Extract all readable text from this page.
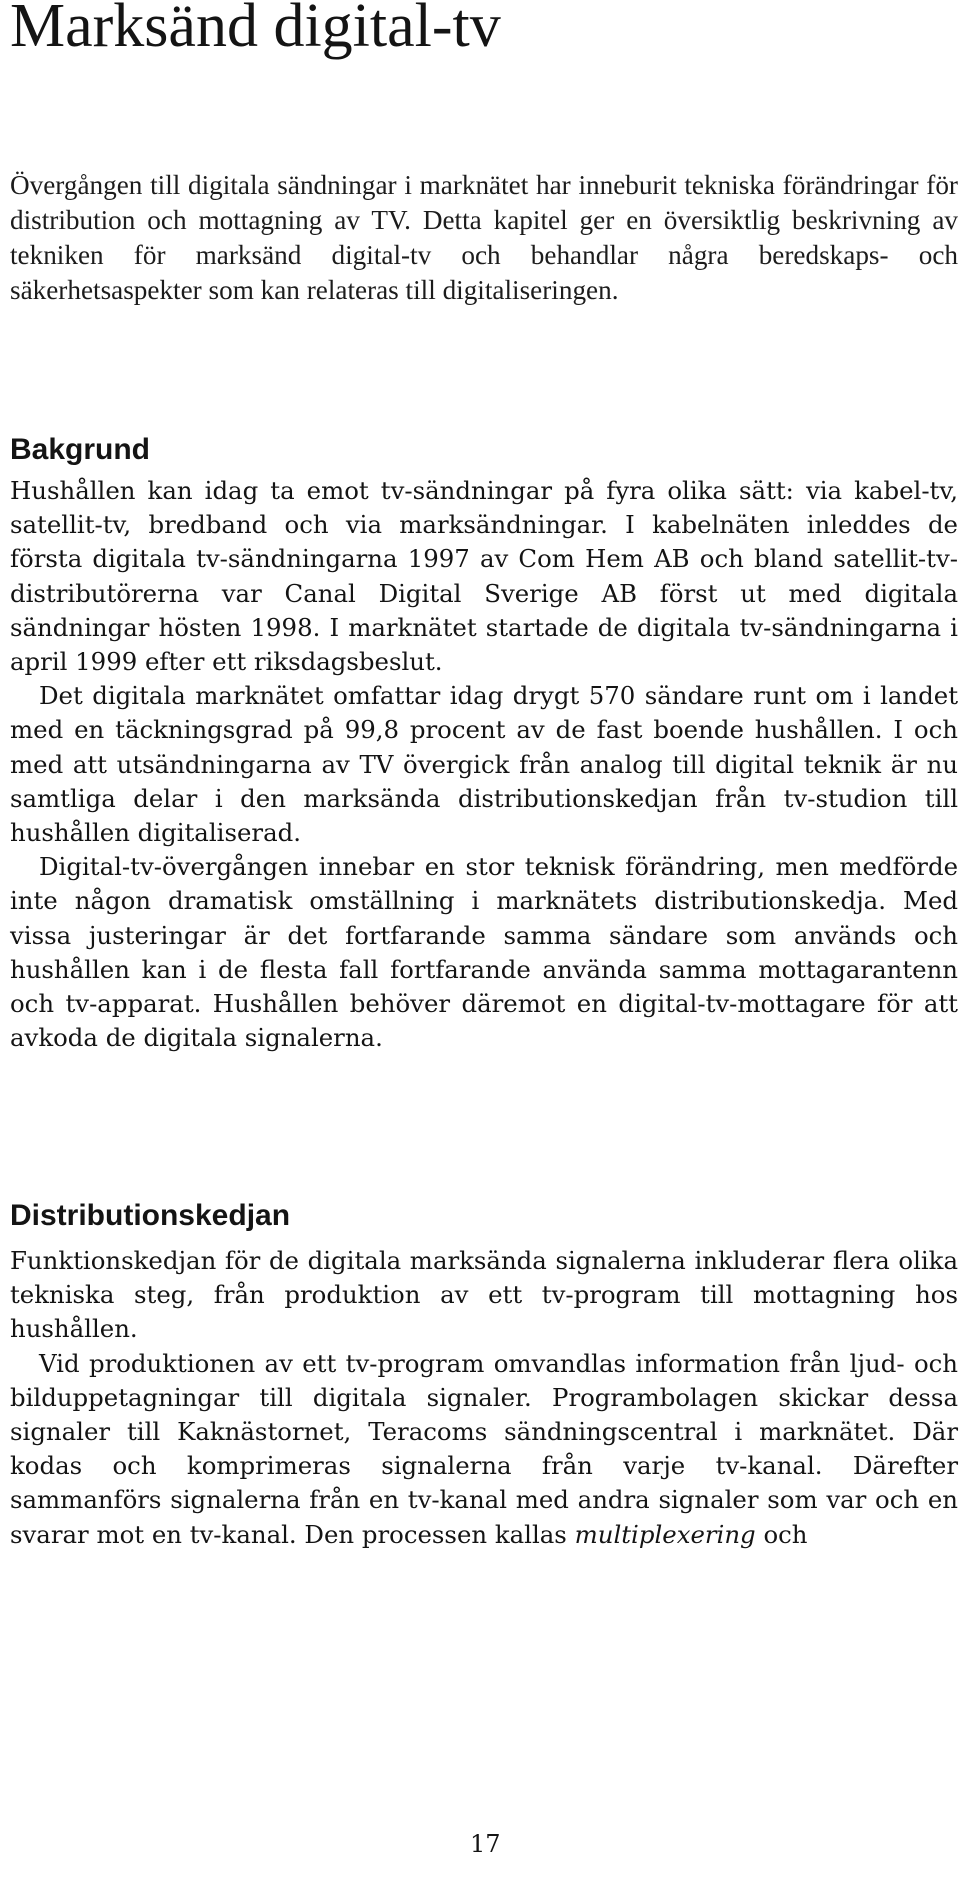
Marksänd digital-tv

Övergången till digitala sändningar i marknätet har inneburit tekniska förändringar för distribution och mottagning av TV. Detta kapitel ger en översiktlig beskrivning av tekniken för marksänd digital-tv och behandlar några beredskaps- och säkerhetsaspekter som kan relateras till digitaliseringen.

Bakgrund

Hushållen kan idag ta emot tv-sändningar på fyra olika sätt: via kabel-tv, satellit-tv, bredband och via marksändningar. I kabelnäten inleddes de första digitala tv-sändningarna 1997 av Com Hem AB och bland satellit-tv-distributörerna var Canal Digital Sverige AB först ut med digitala sändningar hösten 1998. I marknätet startade de digitala tv-sändningarna i april 1999 efter ett riksdagsbeslut.

Det digitala marknätet omfattar idag drygt 570 sändare runt om i landet med en täckningsgrad på 99,8 procent av de fast boende hushållen. I och med att utsändningarna av TV övergick från analog till digital teknik är nu samtliga delar i den marksända distributionskedjan från tv-studion till hushållen digitaliserad.

Digital-tv-övergången innebar en stor teknisk förändring, men medförde inte någon dramatisk omställning i marknätets distributionskedja. Med vissa justeringar är det fortfarande samma sändare som används och hushållen kan i de flesta fall fortfarande använda samma mottagarantenn och tv-apparat. Hushållen behöver däremot en digital-tv-mottagare för att avkoda de digitala signalerna.

Distributionskedjan

Funktionskedjan för de digitala marksända signalerna inkluderar flera olika tekniska steg, från produktion av ett tv-program till mottagning hos hushållen.

Vid produktionen av ett tv-program omvandlas information från ljud- och bilduppetagningar till digitala signaler. Programbolagen skickar dessa signaler till Kaknästornet, Teracoms sändningscentral i marknätet. Där kodas och komprimeras signalerna från varje tv-kanal. Därefter sammanförs signalerna från en tv-kanal med andra signaler som var och en svarar mot en tv-kanal. Den processen kallas multiplexering och

17
